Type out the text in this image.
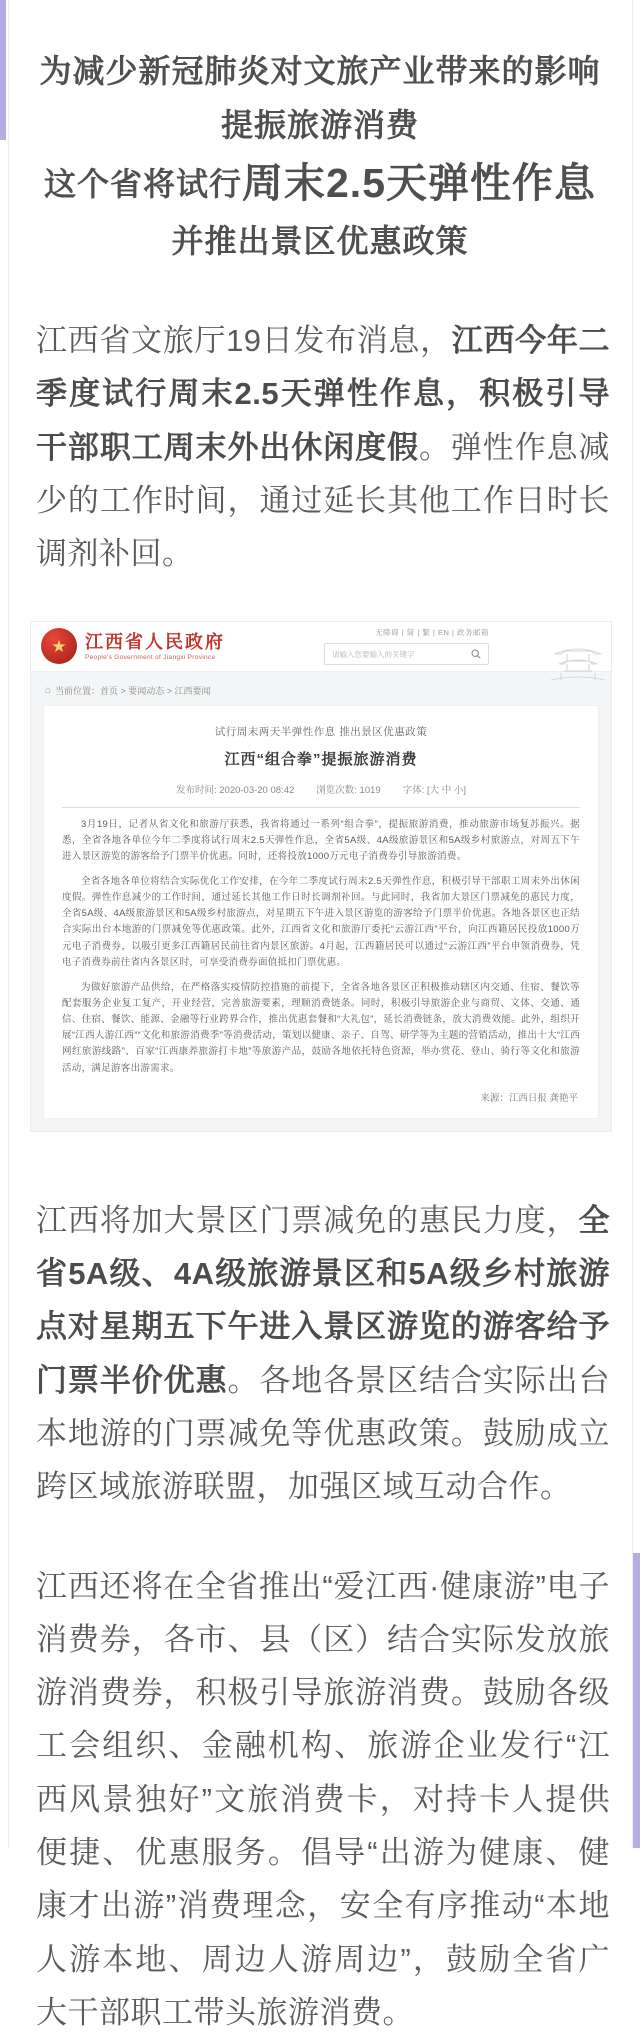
为减少新冠肺炎对文旅产业带来的影响
提振旅游消费
这个省将试行周末2.5天弹性作息
并推出景区优惠政策

江西省文旅厅19日发布消息，江西今年二季度试行周末2.5天弹性作息，积极引导干部职工周末外出休闲度假。弹性作息减少的工作时间，通过延长其他工作日时长调剂补回。

★ 江西省人民政府
People's Government of Jiangxi Province
无障碍 | 简 | 繁 | EN | 政务邮箱
请输入您要输入的关键字
⌂ 当前位置：首页 > 要闻动态 > 江西要闻
试行周末两天半弹性作息 推出景区优惠政策
江西“组合拳”提振旅游消费
发布时间: 2020-03-20 08:42 浏览次数: 1019 字体: [大 中 小]

3月19日，记者从省文化和旅游厅获悉，我省将通过一系列“组合拳”，提振旅游消费，推动旅游市场复苏振兴。据悉，全省各地各单位今年二季度将试行周末2.5天弹性作息，全省5A级、4A级旅游景区和5A级乡村旅游点，对周五下午进入景区游览的游客给予门票半价优惠。同时，还将投放1000万元电子消费券引导旅游消费。

全省各地各单位将结合实际优化工作安排，在今年二季度试行周末2.5天弹性作息，积极引导干部职工周末外出休闲度假。弹性作息减少的工作时间，通过延长其他工作日时长调剂补回。与此同时，我省加大景区门票减免的惠民力度，全省5A级、4A级旅游景区和5A级乡村旅游点，对星期五下午进入景区游览的游客给予门票半价优惠。各地各景区也正结合实际出台本地游的门票减免等优惠政策。此外，江西省文化和旅游厅委托“云游江西”平台，向江西籍居民投放1000万元电子消费券，以吸引更多江西籍居民前往省内景区旅游。4月起，江西籍居民可以通过“云游江西”平台申领消费券，凭电子消费券前往省内各景区时，可享受消费券面值抵扣门票优惠。

为做好旅游产品供给，在严格落实疫情防控措施的前提下，全省各地各景区正积极推动辖区内交通、住宿、餐饮等配套服务企业复工复产，开业经营，完善旅游要素，理顺消费链条。同时，积极引导旅游企业与商贸、文体、交通、通信、住宿、餐饮、能源、金融等行业跨界合作，推出优惠套餐和“大礼包”，延长消费链条，放大消费效能。此外，组织开展“江西人游江西”“文化和旅游消费季”等消费活动，策划以健康、亲子、自驾、研学等为主题的营销活动，推出十大“江西网红旅游线路”、百家“江西康养旅游打卡地”等旅游产品，鼓励各地依托特色资源，举办赏花、登山、骑行等文化和旅游活动，满足游客出游需求。

来源：江西日报 龚艳平

江西将加大景区门票减免的惠民力度，全省5A级、4A级旅游景区和5A级乡村旅游点对星期五下午进入景区游览的游客给予门票半价优惠。各地各景区结合实际出台本地游的门票减免等优惠政策。鼓励成立跨区域旅游联盟，加强区域互动合作。

江西还将在全省推出“爱江西·健康游”电子消费券，各市、县（区）结合实际发放旅游消费券，积极引导旅游消费。鼓励各级工会组织、金融机构、旅游企业发行“江西风景独好”文旅消费卡，对持卡人提供便捷、优惠服务。倡导“出游为健康、健康才出游”消费理念，安全有序推动“本地人游本地、周边人游周边”，鼓励全省广大干部职工带头旅游消费。
